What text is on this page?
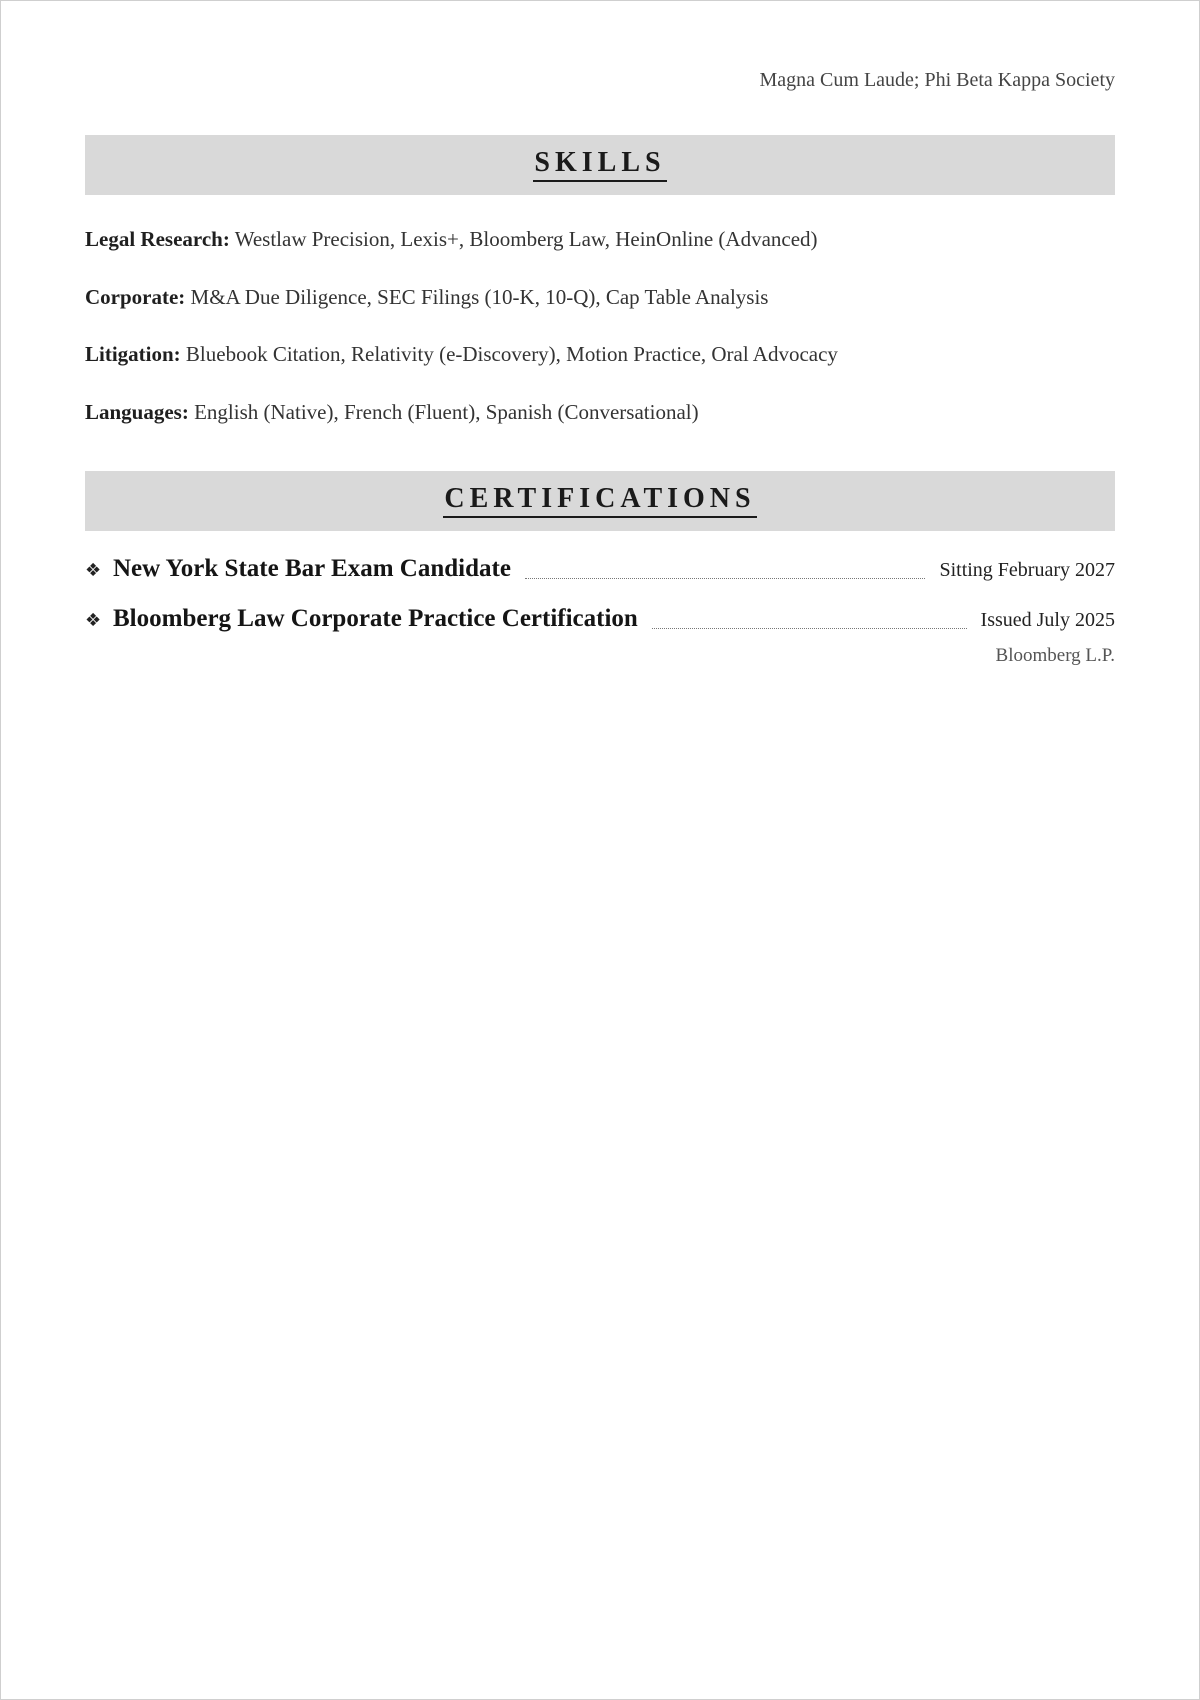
Magna Cum Laude; Phi Beta Kappa Society
SKILLS
Legal Research: Westlaw Precision, Lexis+, Bloomberg Law, HeinOnline (Advanced)
Corporate: M&A Due Diligence, SEC Filings (10-K, 10-Q), Cap Table Analysis
Litigation: Bluebook Citation, Relativity (e-Discovery), Motion Practice, Oral Advocacy
Languages: English (Native), French (Fluent), Spanish (Conversational)
CERTIFICATIONS
❖ New York State Bar Exam Candidate	Sitting February 2027
❖ Bloomberg Law Corporate Practice Certification	Issued July 2025
Bloomberg L.P.
